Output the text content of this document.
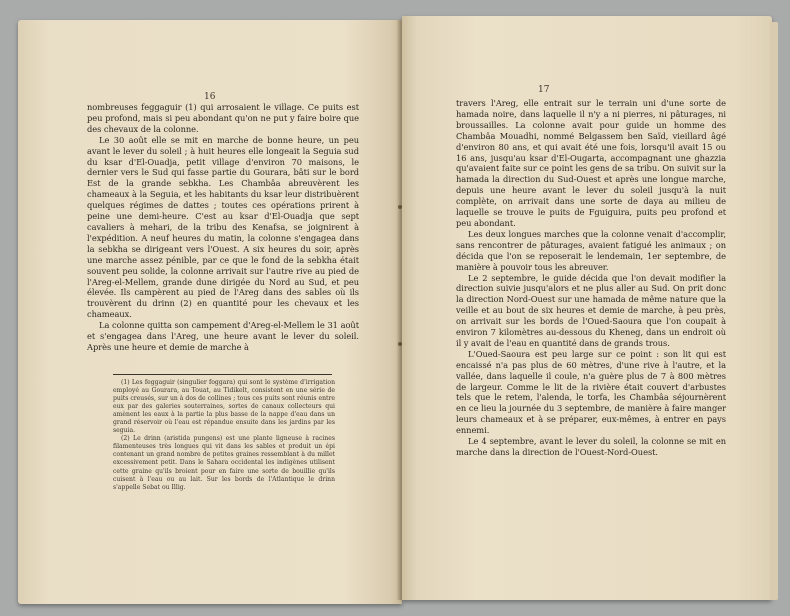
16

nombreuses feggaguir (1) qui arrosaient le village. Ce puits est peu profond, mais si peu abondant qu'on ne put y faire boire que des chevaux de la colonne.

Le 30 août elle se mit en marche de bonne heure, un peu avant le lever du soleil ; à huit heures elle longeait la Seguia sud du ksar d'El-Ouadja, petit village d'environ 70 maisons, le dernier vers le Sud qui fasse partie du Gourara, bâti sur le bord Est de la grande sebkha. Les Chambâa abreuvèrent les chameaux à la Seguia, et les habitants du ksar leur distribuèrent quelques régimes de dattes ; toutes ces opérations prirent à peine une demi-heure. C'est au ksar d'El-Ouadja que sept cavaliers à mehari, de la tribu des Kenafsa, se joignirent à l'expédition. A neuf heures du matin, la colonne s'engagea dans la sebkha se dirigeant vers l'Ouest. A six heures du soir, après une marche assez pénible, par ce que le fond de la sebkha était souvent peu solide, la colonne arrivait sur l'autre rive au pied de l'Areg-el-Mellem, grande dune dirigée du Nord au Sud, et peu élevée. Ils campèrent au pied de l'Areg dans des sables où ils trouvèrent du drinn (2) en quantité pour les chevaux et les chameaux.

La colonne quitta son campement d'Areg-el-Mellem le 31 août et s'engagea dans l'Areg, une heure avant le lever du soleil. Après une heure et demie de marche à

(1) Les feggaguir (singulier foggara) qui sont le système d'irrigation employé au Gourara, au Touat, au Tidikelt, consistent en une série de puits creusés, sur un à dos de collines ; tous ces puits sont réunis entre eux par des galeries souterraines, sortes de canaux collecteurs qui amènent les eaux à la partie la plus basse de la nappe d'eau dans un grand réservoir où l'eau est répandue ensuite dans les jardins par les seguia.

(2) Le drinn (aristida pungens) est une plante ligneuse à racines filamenteuses très longues qui vit dans les sables et produit un épi contenant un grand nombre de petites graines ressemblant à du millet excessivement petit. Dans le Sahara occidental les indigènes utilisent cette graine qu'ils broient pour en faire une sorte de bouillie qu'ils cuisent à l'eau ou au lait. Sur les bords de l'Atlantique le drinn s'appelle Sebat ou Illig.

17

travers l'Areg, elle entrait sur le terrain uni d'une sorte de hamada noire, dans laquelle il n'y a ni pierres, ni pâturages, ni broussailles. La colonne avait pour guide un homme des Chambâa Mouadhi, nommé Belgassem ben Saïd, vieillard âgé d'environ 80 ans, et qui avait été une fois, lorsqu'il avait 15 ou 16 ans, jusqu'au ksar d'El-Ougarta, accompagnant une ghazzia qu'avaient faite sur ce point les gens de sa tribu. On suivit sur la hamada la direction du Sud-Ouest et après une longue marche, depuis une heure avant le lever du soleil jusqu'à la nuit complète, on arrivait dans une sorte de daya au milieu de laquelle se trouve le puits de Fguiguira, puits peu profond et peu abondant.

Les deux longues marches que la colonne venait d'accomplir, sans rencontrer de pâturages, avaient fatigué les animaux ; on décida que l'on se reposerait le lendemain, 1er septembre, de manière à pouvoir tous les abreuver.

Le 2 septembre, le guide décida que l'on devait modifier la direction suivie jusqu'alors et ne plus aller au Sud. On prit donc la direction Nord-Ouest sur une hamada de même nature que la veille et au bout de six heures et demie de marche, à peu près, on arrivait sur les bords de l'Oued-Saoura que l'on coupait à environ 7 kilomètres au-dessous du Kheneg, dans un endroit où il y avait de l'eau en quantité dans de grands trous.

L'Oued-Saoura est peu large sur ce point : son lit qui est encaissé n'a pas plus de 60 mètres, d'une rive à l'autre, et la vallée, dans laquelle il coule, n'a guère plus de 7 à 800 mètres de largeur. Comme le lit de la rivière était couvert d'arbustes tels que le retem, l'alenda, le torfa, les Chambâa séjournèrent en ce lieu la journée du 3 septembre, de manière à faire manger leurs chameaux et à se préparer, eux-mêmes, à entrer en pays ennemi.

Le 4 septembre, avant le lever du soleil, la colonne se mit en marche dans la direction de l'Ouest-Nord-Ouest.
